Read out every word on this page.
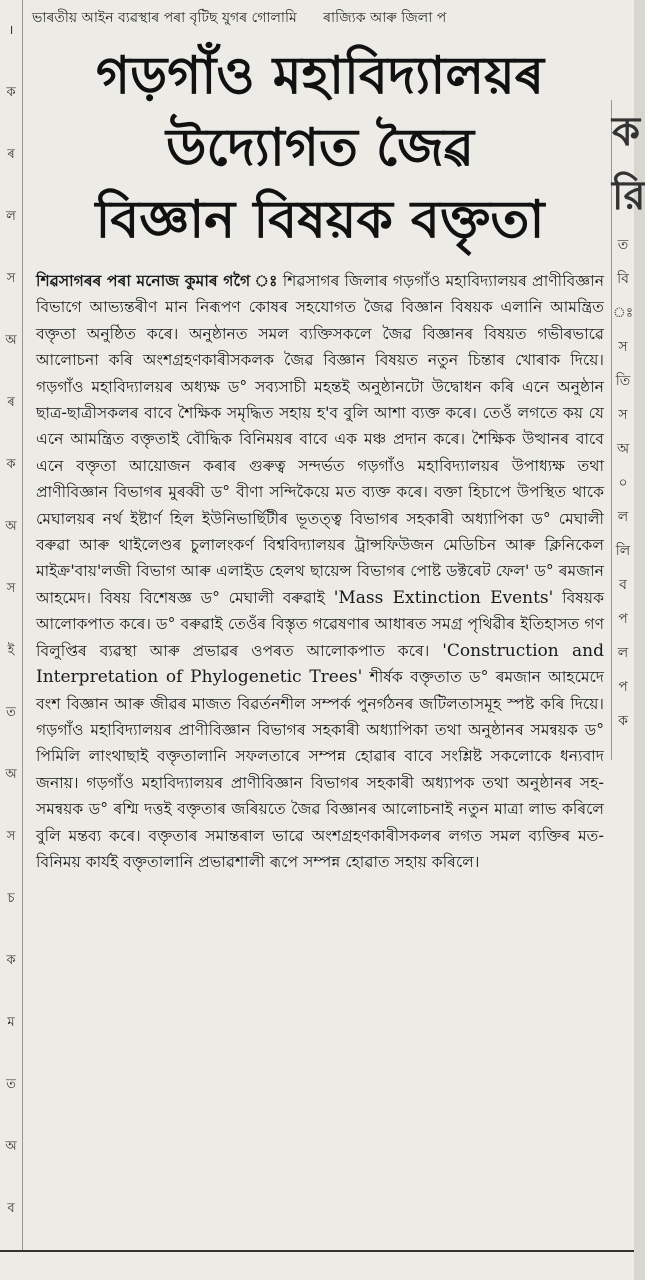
।
ক
ৰ
ল
স
অ
ৰ
ক
অ
স
ই
ত
অ
স
চ
ক
ম
ত
অ
ব
ক
রি
ত
বি
ঃ
স
তি
স
অ
০
ল
লি
ব
প
ল
প
ক
ভাৰতীয় আইন ব্যৱস্থাৰ পৰা বৃটিছ যুগৰ গোলামি ৰাজ্যিক আৰু জিলা প
গড়গাঁও মহাবিদ্যালয়ৰ
উদ্যোগত জৈৱ
বিজ্ঞান বিষয়ক বক্তৃতা
শিৱসাগৰৰ পৰা মনোজ কুমাৰ গগৈ ঃ শিৱসাগৰ জিলাৰ গড়গাঁও মহাবিদ্যালয়ৰ প্ৰাণীবিজ্ঞান বিভাগে আভ্যন্তৰীণ মান নিৰূপণ কোষৰ সহযোগত জৈৱ বিজ্ঞান বিষয়ক এলানি আমন্ত্ৰিত বক্তৃতা অনুষ্ঠিত কৰে। অনুষ্ঠানত সমল ব্যক্তিসকলে জৈৱ বিজ্ঞানৰ বিষয়ত গভীৰভাৱে আলোচনা কৰি অংশগ্ৰহণকাৰীসকলক জৈৱ বিজ্ঞান বিষয়ত নতুন চিন্তাৰ খোৰাক দিয়ে। গড়গাঁও মহাবিদ্যালয়ৰ অধ্যক্ষ ড° সব্যসাচী মহন্তই অনুষ্ঠানটো উদ্বোধন কৰি এনে অনুষ্ঠান ছাত্ৰ-ছাত্ৰীসকলৰ বাবে শৈক্ষিক সমৃদ্ধিত সহায় হ'ব বুলি আশা ব্যক্ত কৰে। তেওঁ লগতে কয় যে এনে আমন্ত্ৰিত বক্তৃতাই বৌদ্ধিক বিনিময়ৰ বাবে এক মঞ্চ প্ৰদান কৰে। শৈক্ষিক উত্থানৰ বাবে এনে বক্তৃতা আয়োজন কৰাৰ গুৰুত্ব সন্দৰ্ভত গড়গাঁও মহাবিদ্যালয়ৰ উপাধ্যক্ষ তথা প্ৰাণীবিজ্ঞান বিভাগৰ মুৰব্বী ড° বীণা সন্দিকৈয়ে মত ব্যক্ত কৰে। বক্তা হিচাপে উপস্থিত থাকে মেঘালয়ৰ নৰ্থ ইষ্টাৰ্ণ হিল ইউনিভাৰ্ছিটীৰ ভূতত্ত্ব বিভাগৰ সহকাৰী অধ্যাপিকা ড° মেঘালী বৰুৱা আৰু থাইলেণ্ডৰ চুলালংকৰ্ণ বিশ্ববিদ্যালয়ৰ ট্ৰান্সফিউজন মেডিচিন আৰু ক্লিনিকেল মাইক্ৰ'বায়'লজী বিভাগ আৰু এলাইড হেলথ ছায়েন্স বিভাগৰ পোষ্ট ডক্টৰেট ফেল' ড° ৰমজান আহমেদ। বিষয় বিশেষজ্ঞ ড° মেঘালী বৰুৱাই 'Mass Extinction Events' বিষয়ক আলোকপাত কৰে। ড° বৰুৱাই তেওঁৰ বিস্তৃত গৱেষণাৰ আধাৰত সমগ্ৰ পৃথিৱীৰ ইতিহাসত গণ বিলুপ্তিৰ ব্যৱস্থা আৰু প্ৰভাৱৰ ওপৰত আলোকপাত কৰে। 'Construction and Interpretation of Phylogenetic Trees' শীৰ্ষক বক্তৃতাত ড° ৰমজান আহমেদে বংশ বিজ্ঞান আৰু জীৱৰ মাজত বিৱৰ্তনশীল সম্পৰ্ক পুনৰ্গঠনৰ জটিলতাসমূহ স্পষ্ট কৰি দিয়ে। গড়গাঁও মহাবিদ্যালয়ৰ প্ৰাণীবিজ্ঞান বিভাগৰ সহকাৰী অধ্যাপিকা তথা অনুষ্ঠানৰ সমন্বয়ক ড° পিমিলি লাংথাছাই বক্তৃতালানি সফলতাৰে সম্পন্ন হোৱাৰ বাবে সংশ্লিষ্ট সকলোকে ধন্যবাদ জনায়। গড়গাঁও মহাবিদ্যালয়ৰ প্ৰাণীবিজ্ঞান বিভাগৰ সহকাৰী অধ্যাপক তথা অনুষ্ঠানৰ সহ-সমন্বয়ক ড° ৰশ্মি দত্তই বক্তৃতাৰ জৰিয়তে জৈৱ বিজ্ঞানৰ আলোচনাই নতুন মাত্ৰা লাভ কৰিলে বুলি মন্তব্য কৰে। বক্তৃতাৰ সমান্তৰাল ভাৱে অংশগ্ৰহণকাৰীসকলৰ লগত সমল ব্যক্তিৰ মত-বিনিময় কাৰ্যই বক্তৃতালানি প্ৰভাৱশালী ৰূপে সম্পন্ন হোৱাত সহায় কৰিলে।
